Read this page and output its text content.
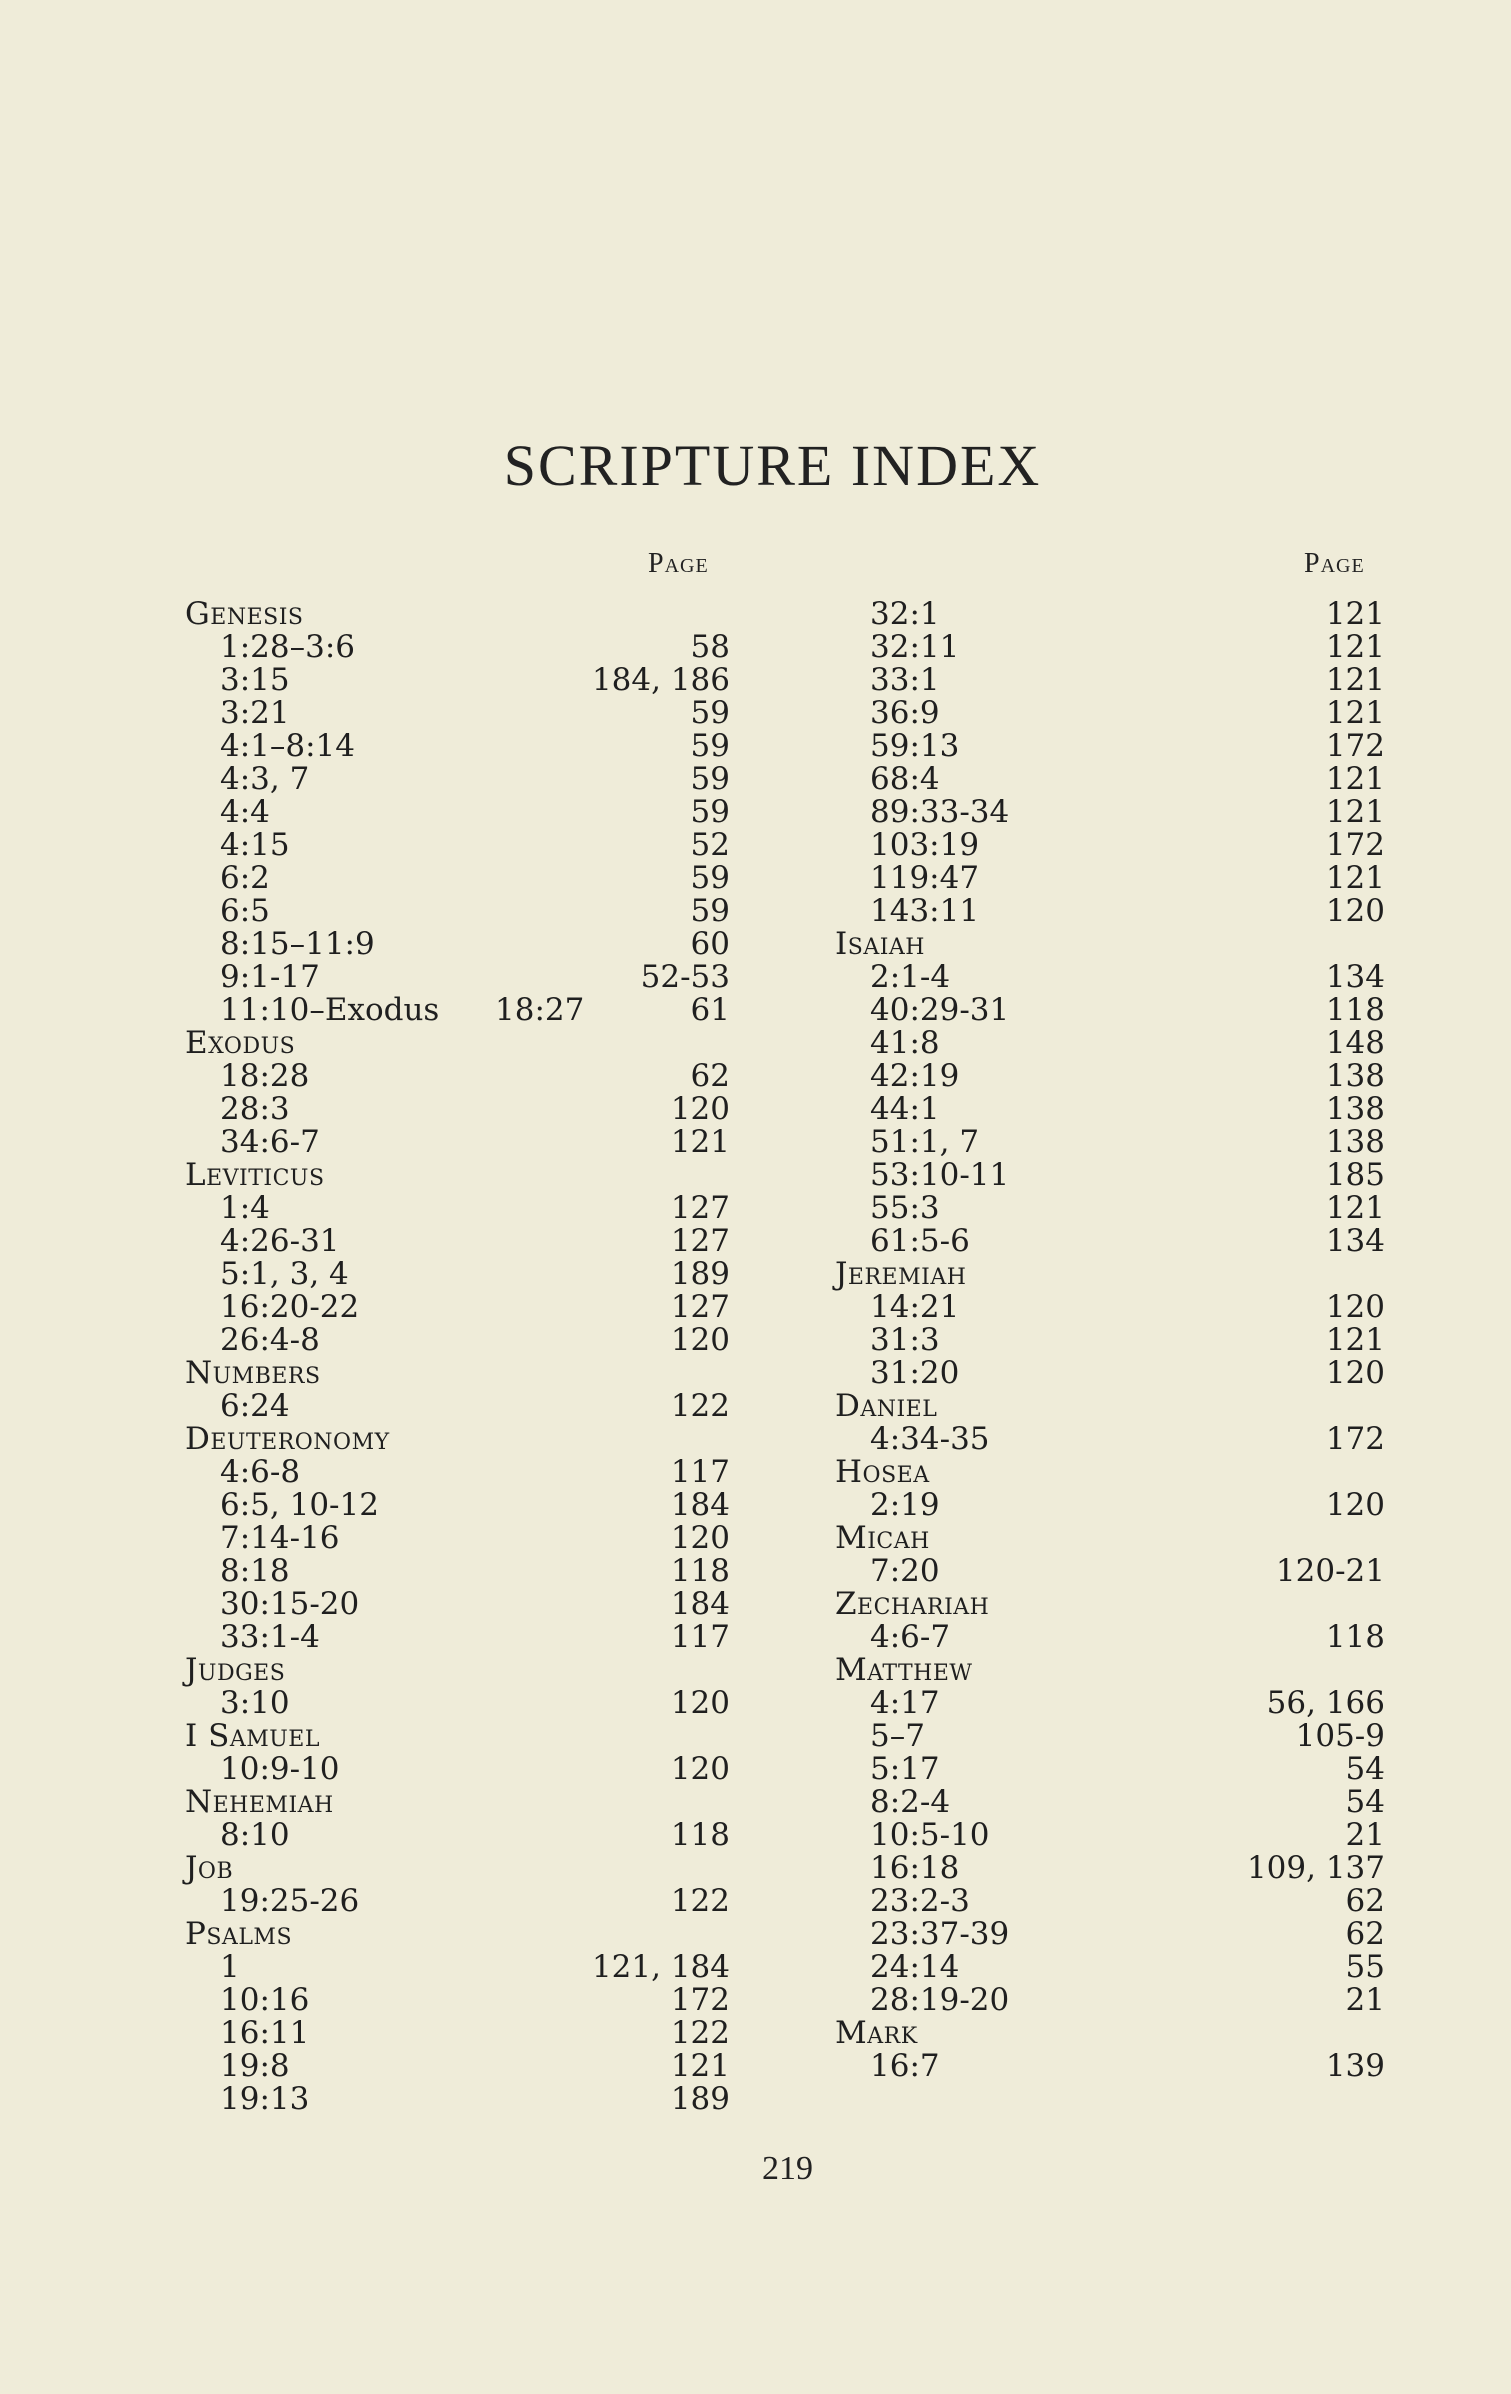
SCRIPTURE INDEX
Page	Page
Genesis
1:28–3:6	58
3:15	184, 186
3:21	59
4:1–8:14	59
4:3, 7	59
4:4	59
4:15	52
6:2	59
6:5	59
8:15–11:9	60
9:1-17	52-53
11:10–Exodus 18:27	61
Exodus
18:28	62
28:3	120
34:6-7	121
Leviticus
1:4	127
4:26-31	127
5:1, 3, 4	189
16:20-22	127
26:4-8	120
Numbers
6:24	122
Deuteronomy
4:6-8	117
6:5, 10-12	184
7:14-16	120
8:18	118
30:15-20	184
33:1-4	117
Judges
3:10	120
I Samuel
10:9-10	120
Nehemiah
8:10	118
Job
19:25-26	122
Psalms
1	121, 184
10:16	172
16:11	122
19:8	121
19:13	189
32:1	121
32:11	121
33:1	121
36:9	121
59:13	172
68:4	121
89:33-34	121
103:19	172
119:47	121
143:11	120
Isaiah
2:1-4	134
40:29-31	118
41:8	148
42:19	138
44:1	138
51:1, 7	138
53:10-11	185
55:3	121
61:5-6	134
Jeremiah
14:21	120
31:3	121
31:20	120
Daniel
4:34-35	172
Hosea
2:19	120
Micah
7:20	120-21
Zechariah
4:6-7	118
Matthew
4:17	56, 166
5–7	105-9
5:17	54
8:2-4	54
10:5-10	21
16:18	109, 137
23:2-3	62
23:37-39	62
24:14	55
28:19-20	21
Mark
16:7	139
219
